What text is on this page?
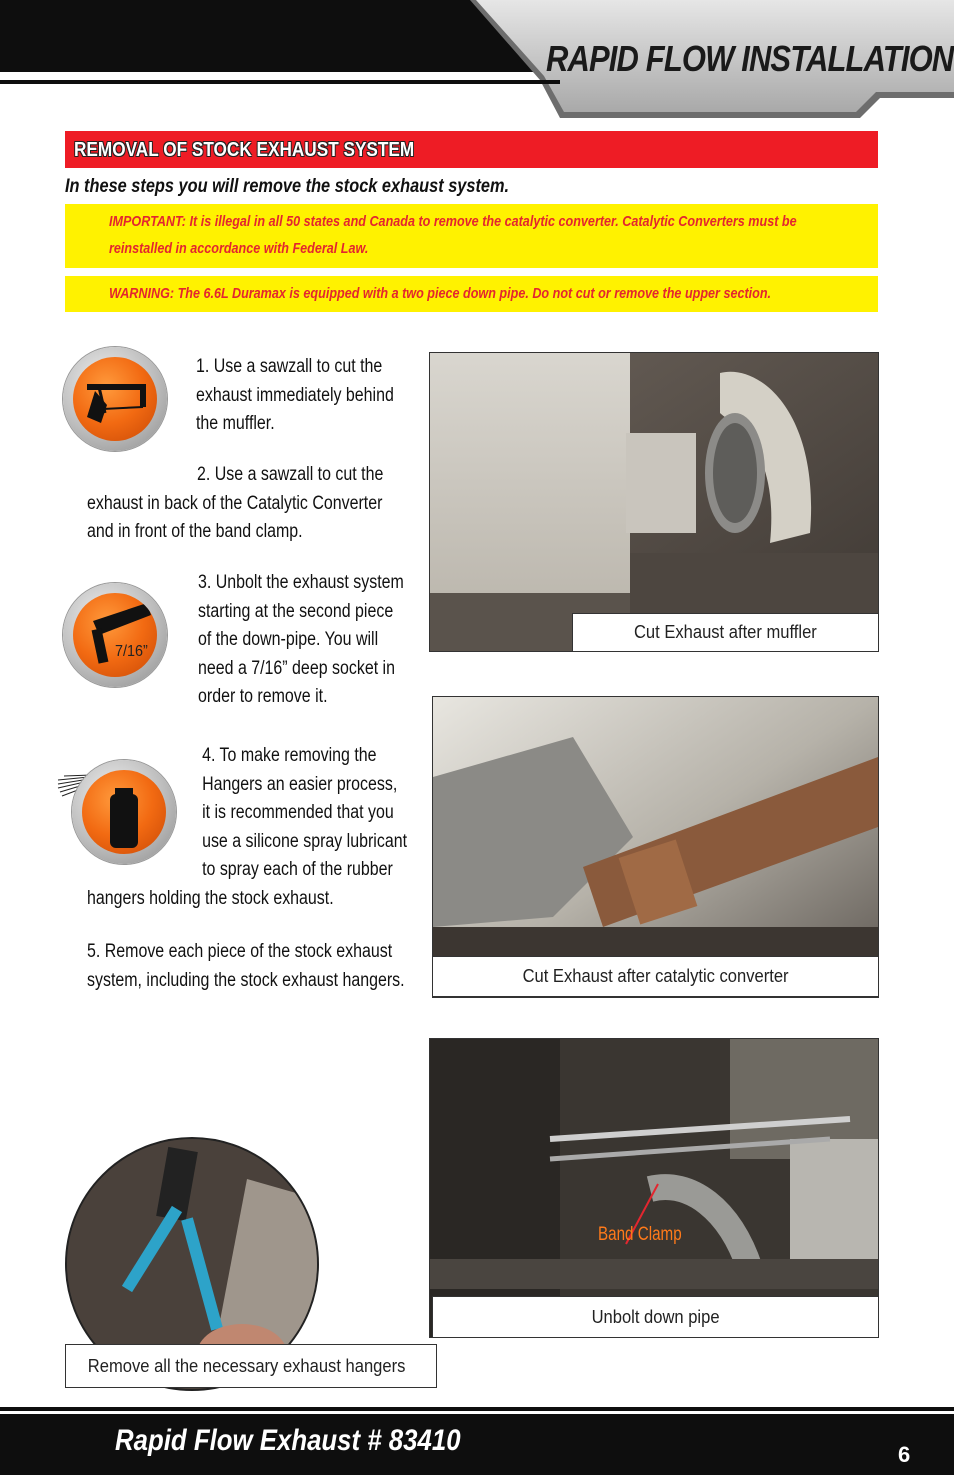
RAPID FLOW INSTALLATION
REMOVAL OF STOCK EXHAUST SYSTEM
In these steps you will remove the stock exhaust system.
IMPORTANT: It is illegal in all 50 states and Canada to remove the catalytic converter. Catalytic Converters must be reinstalled in accordance with Federal Law.
WARNING: The 6.6L Duramax is equipped with a two piece down pipe. Do not cut or remove the upper section.
7/16”
1. Use a sawzall to cut the
exhaust immediately behind
the muffler.
2. Use a sawzall to cut the
exhaust in back of the Catalytic Converter
and in front of the band clamp.
3. Unbolt the exhaust system
starting at the second piece
of the down-pipe. You will
need a 7/16” deep socket in
order to remove it.
4. To make removing the
Hangers an easier process,
it is recommended that you
use a silicone spray lubricant
to spray each of the rubber
hangers holding the stock exhaust.
5. Remove each piece of the stock exhaust
system, including the stock exhaust hangers.
Cut Exhaust after muffler
Cut Exhaust after catalytic converter
Band Clamp
Unbolt down pipe
Remove all the necessary exhaust hangers
Rapid Flow Exhaust # 83410	6
